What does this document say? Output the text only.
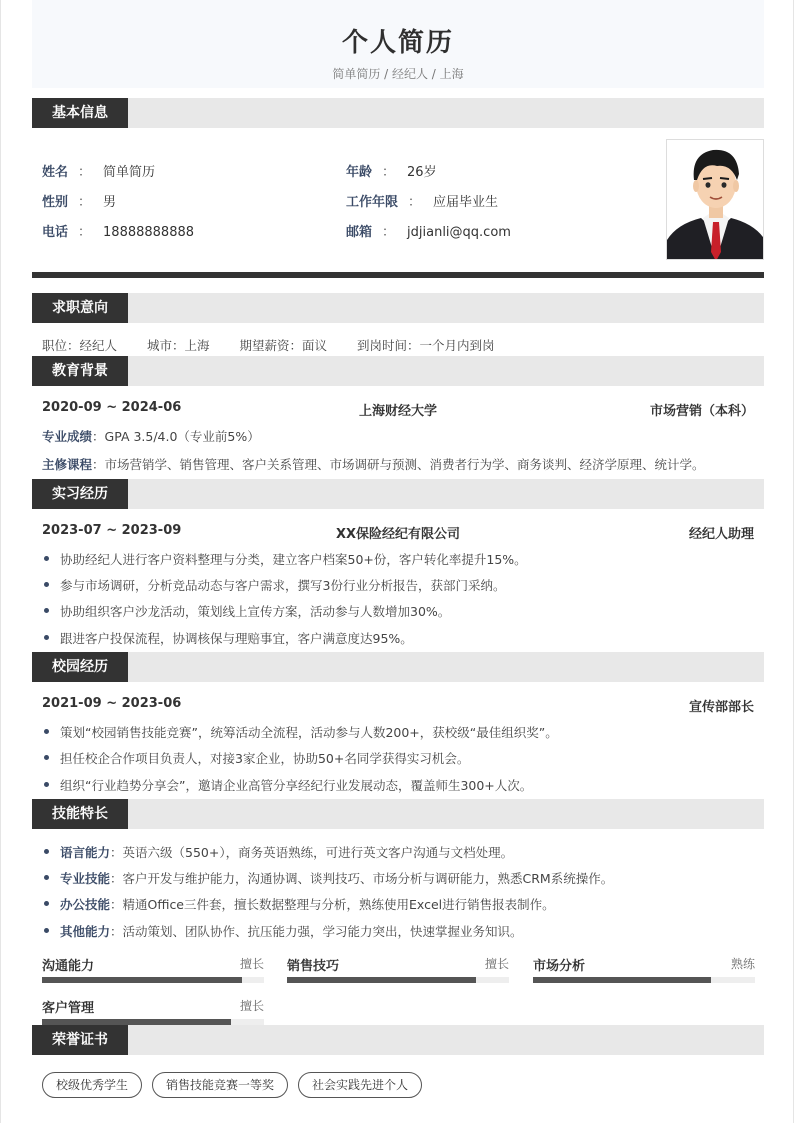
个人简历
简单简历 / 经纪人 / 上海
基本信息
姓名 ： 简单简历
性别 ： 男
电话 ： 18888888888
年龄 ： 26岁
工作年限 ： 应届毕业生
邮箱 ： jdjianli@qq.com
求职意向
职位：经纪人 城市：上海 期望薪资：面议 到岗时间：一个月内到岗
教育背景
2020-09 ~ 2024-06	上海财经大学	市场营销（本科）
专业成绩：GPA 3.5/4.0（专业前5%）
主修课程：市场营销学、销售管理、客户关系管理、市场调研与预测、消费者行为学、商务谈判、经济学原理、统计学。
实习经历
2023-07 ~ 2023-09	XX保险经纪有限公司	经纪人助理
协助经纪人进行客户资料整理与分类，建立客户档案50+份，客户转化率提升15%。
参与市场调研，分析竞品动态与客户需求，撰写3份行业分析报告，获部门采纳。
协助组织客户沙龙活动，策划线上宣传方案，活动参与人数增加30%。
跟进客户投保流程，协调核保与理赔事宜，客户满意度达95%。
校园经历
2021-09 ~ 2023-06	宣传部部长
策划“校园销售技能竞赛”，统筹活动全流程，活动参与人数200+，获校级“最佳组织奖”。
担任校企合作项目负责人，对接3家企业，协助50+名同学获得实习机会。
组织“行业趋势分享会”，邀请企业高管分享经纪行业发展动态，覆盖师生300+人次。
技能特长
语言能力：英语六级（550+），商务英语熟练，可进行英文客户沟通与文档处理。
专业技能：客户开发与维护能力，沟通协调、谈判技巧、市场分析与调研能力，熟悉CRM系统操作。
办公技能：精通Office三件套，擅长数据整理与分析，熟练使用Excel进行销售报表制作。
其他能力：活动策划、团队协作、抗压能力强，学习能力突出，快速掌握业务知识。
沟通能力	擅长 销售技巧	擅长 市场分析	熟练
客户管理	擅长
荣誉证书
校级优秀学生	销售技能竞赛一等奖	社会实践先进个人
